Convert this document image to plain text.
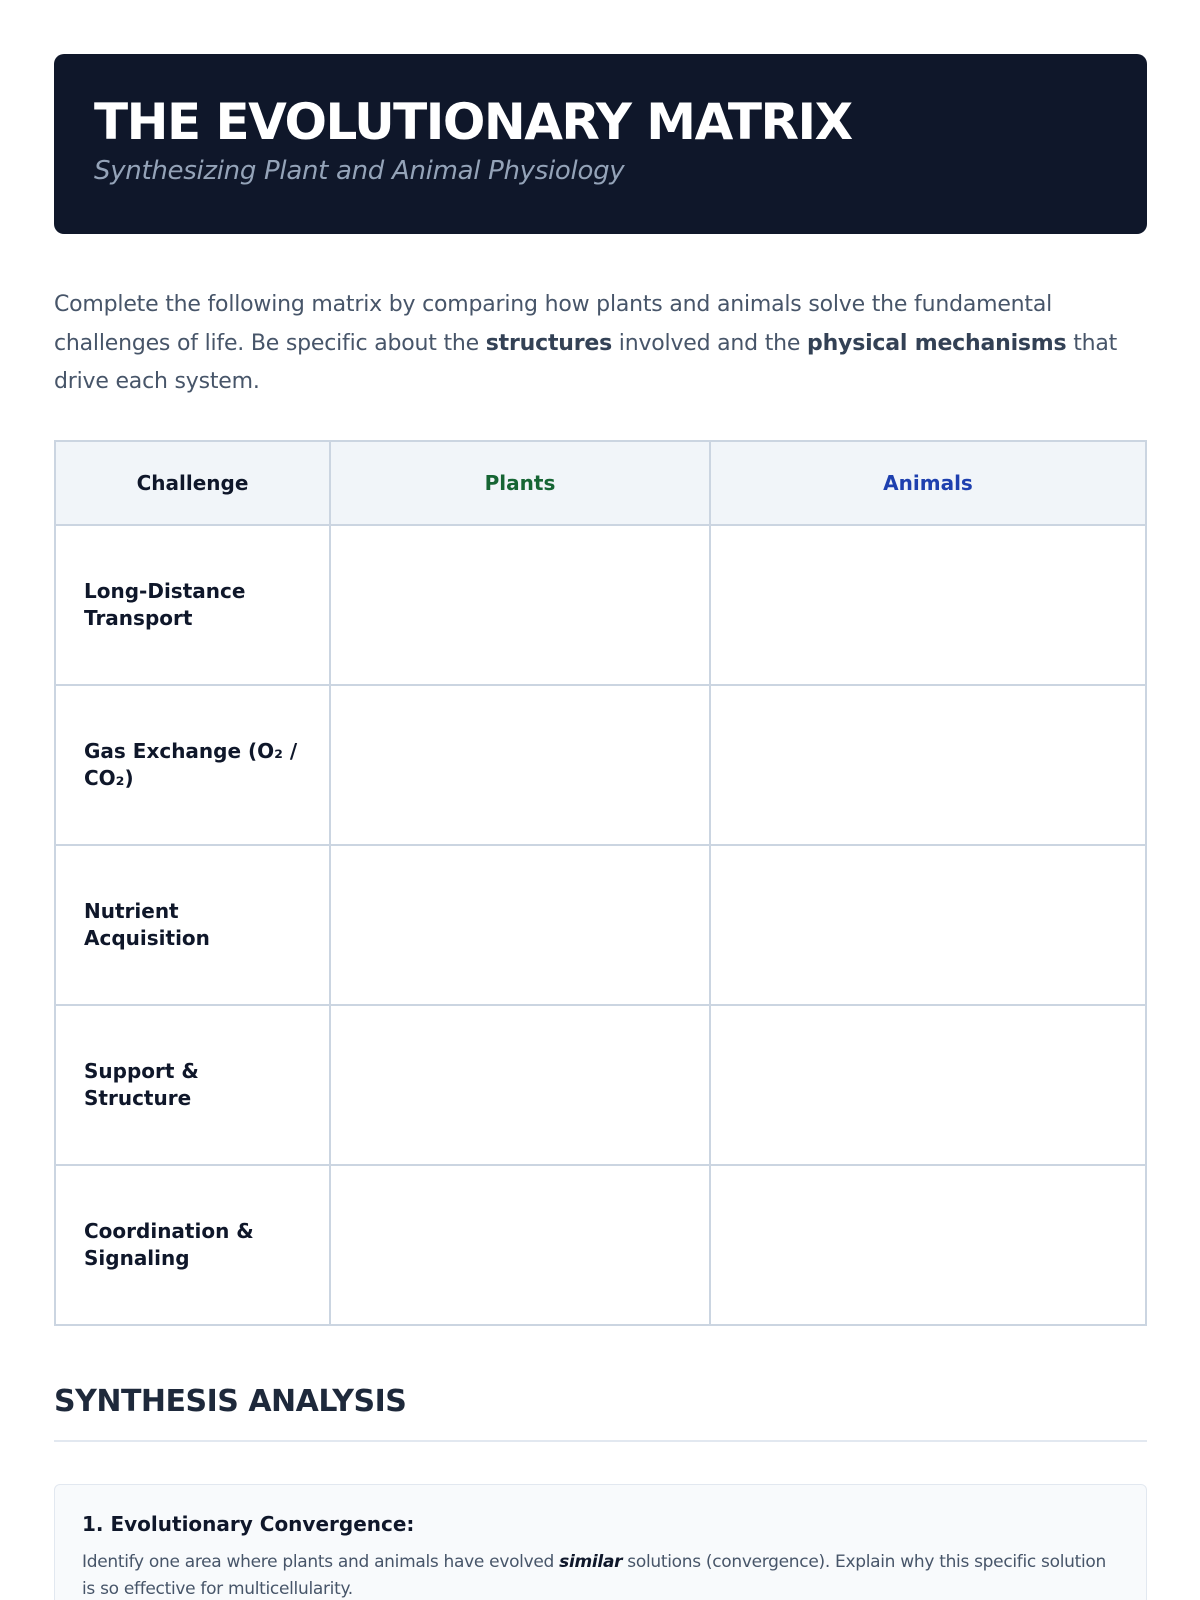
THE EVOLUTIONARY MATRIX
Synthesizing Plant and Animal Physiology

Complete the following matrix by comparing how plants and animals solve the fundamental challenges of life. Be specific about the structures involved and the physical mechanisms that drive each system.

Challenge	Plants	Animals
Long-Distance Transport		
Gas Exchange (O₂ / CO₂)		
Nutrient Acquisition		
Support & Structure		
Coordination & Signaling		
SYNTHESIS ANALYSIS
1. Evolutionary Convergence:
Identify one area where plants and animals have evolved similar solutions (convergence). Explain why this specific solution is so effective for multicellularity.
